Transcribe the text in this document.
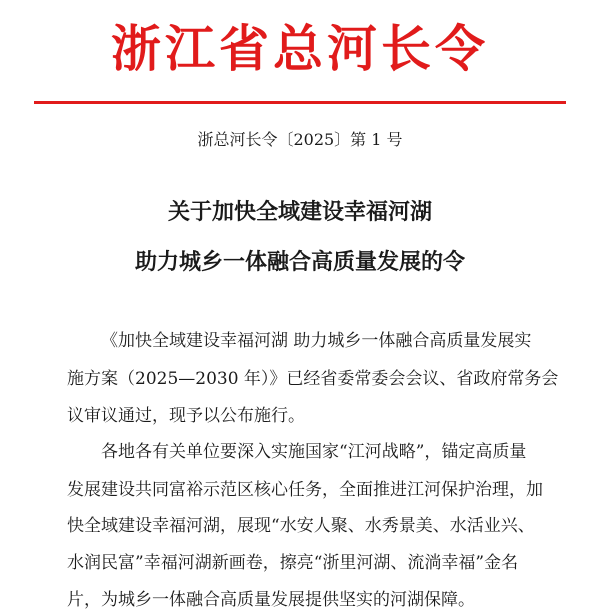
浙江省总河长令
浙总河长令〔2025〕第 1 号
关于加快全域建设幸福河湖
助力城乡一体融合高质量发展的令
《加快全域建设幸福河湖 助力城乡一体融合高质量发展实
施方案（2025—2030 年）》已经省委常委会会议、省政府常务会
议审议通过，现予以公布施行。
各地各有关单位要深入实施国家“江河战略”，锚定高质量
发展建设共同富裕示范区核心任务，全面推进江河保护治理，加
快全域建设幸福河湖，展现“水安人聚、水秀景美、水活业兴、
水润民富”幸福河湖新画卷，擦亮“浙里河湖、流淌幸福”金名
片，为城乡一体融合高质量发展提供坚实的河湖保障。
